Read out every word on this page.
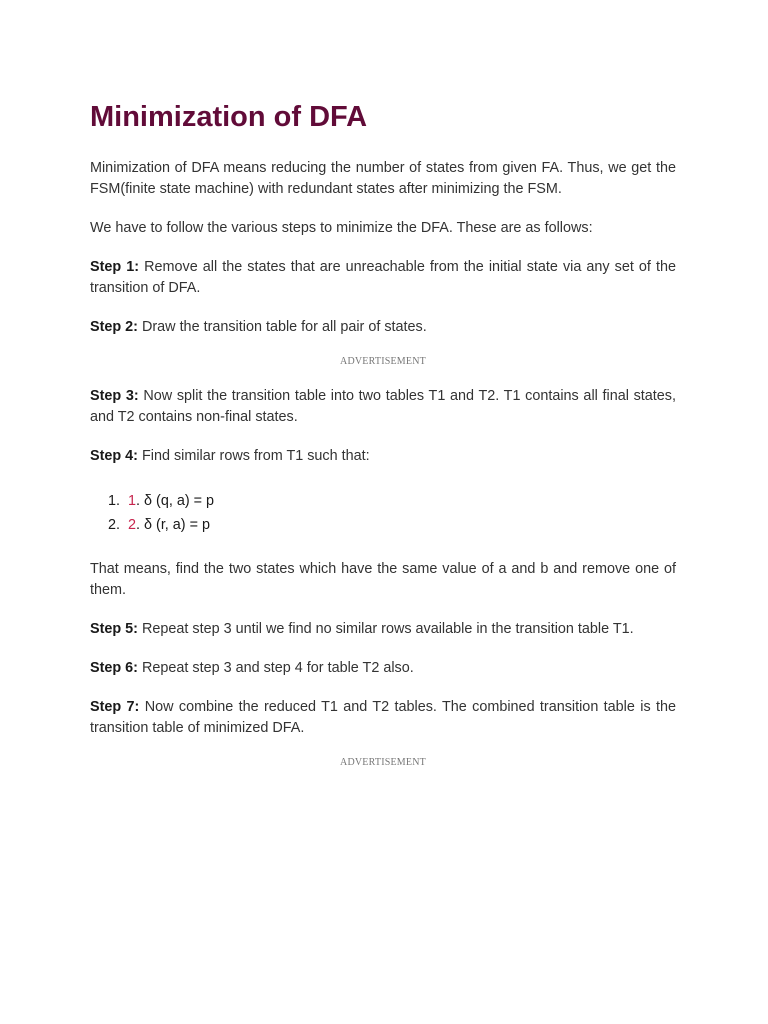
Minimization of DFA

Minimization of DFA means reducing the number of states from given FA. Thus, we get the FSM(finite state machine) with redundant states after minimizing the FSM.

We have to follow the various steps to minimize the DFA. These are as follows:

Step 1: Remove all the states that are unreachable from the initial state via any set of the transition of DFA.

Step 2: Draw the transition table for all pair of states.

ADVERTISEMENT

Step 3: Now split the transition table into two tables T1 and T2. T1 contains all final states, and T2 contains non-final states.

Step 4: Find similar rows from T1 such that:

1. 1. δ (q, a) = p
2. 2. δ (r, a) = p

That means, find the two states which have the same value of a and b and remove one of them.

Step 5: Repeat step 3 until we find no similar rows available in the transition table T1.

Step 6: Repeat step 3 and step 4 for table T2 also.

Step 7: Now combine the reduced T1 and T2 tables. The combined transition table is the transition table of minimized DFA.

ADVERTISEMENT
